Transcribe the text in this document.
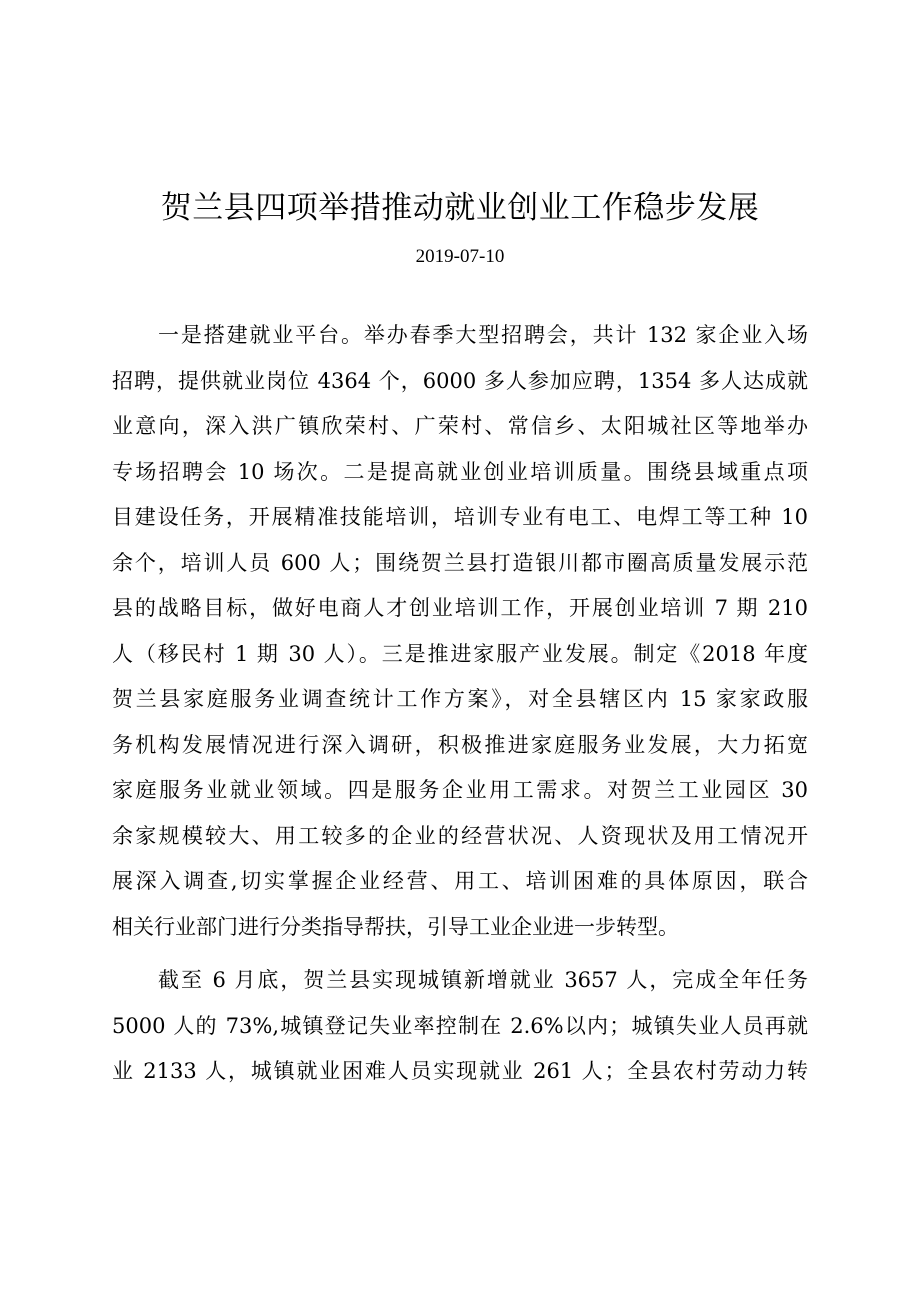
贺兰县四项举措推动就业创业工作稳步发展
2019-07-10
一是搭建就业平台。举办春季大型招聘会，共计 132 家企业入场
招聘，提供就业岗位 4364 个，6000 多人参加应聘，1354 多人达成就
业意向，深入洪广镇欣荣村、广荣村、常信乡、太阳城社区等地举办
专场招聘会 10 场次。二是提高就业创业培训质量。围绕县域重点项
目建设任务，开展精准技能培训，培训专业有电工、电焊工等工种 10
余个，培训人员 600 人；围绕贺兰县打造银川都市圈高质量发展示范
县的战略目标，做好电商人才创业培训工作，开展创业培训 7 期 210
人（移民村 1 期 30 人）。三是推进家服产业发展。制定《2018 年度
贺兰县家庭服务业调查统计工作方案》，对全县辖区内 15 家家政服
务机构发展情况进行深入调研，积极推进家庭服务业发展，大力拓宽
家庭服务业就业领域。四是服务企业用工需求。对贺兰工业园区 30
余家规模较大、用工较多的企业的经营状况、人资现状及用工情况开
展深入调查,切实掌握企业经营、用工、培训困难的具体原因，联合
相关行业部门进行分类指导帮扶，引导工业企业进一步转型。
截至 6 月底，贺兰县实现城镇新增就业 3657 人，完成全年任务
5000 人的 73%,城镇登记失业率控制在 2.6%以内；城镇失业人员再就
业 2133 人，城镇就业困难人员实现就业 261 人；全县农村劳动力转
